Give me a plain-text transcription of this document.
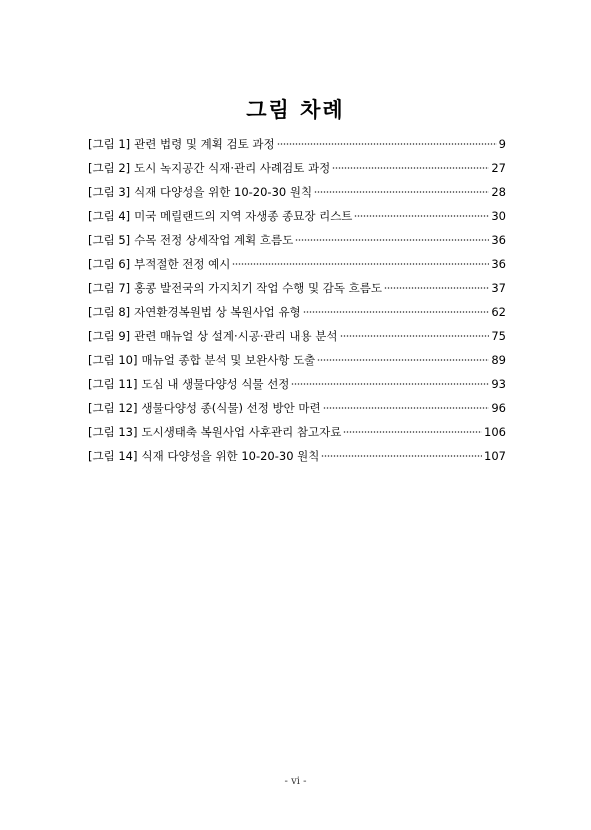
그림 차례
[그림 1] 관련 법령 및 계획 검토 과정	9
[그림 2] 도시 녹지공간 식재·관리 사례검토 과정	27
[그림 3] 식재 다양성을 위한 10-20-30 원칙	28
[그림 4] 미국 메릴랜드의 지역 자생종 종묘장 리스트	30
[그림 5] 수목 전정 상세작업 계획 흐름도	36
[그림 6] 부적절한 전정 예시	36
[그림 7] 홍콩 발전국의 가지치기 작업 수행 및 감독 흐름도	37
[그림 8] 자연환경복원법 상 복원사업 유형	62
[그림 9] 관련 매뉴얼 상 설계·시공·관리 내용 분석	75
[그림 10] 매뉴얼 종합 분석 및 보완사항 도출	89
[그림 11] 도심 내 생물다양성 식물 선정	93
[그림 12] 생물다양성 종(식물) 선정 방안 마련	96
[그림 13] 도시생태축 복원사업 사후관리 참고자료	106
[그림 14] 식재 다양성을 위한 10-20-30 원칙	107
- vi -
